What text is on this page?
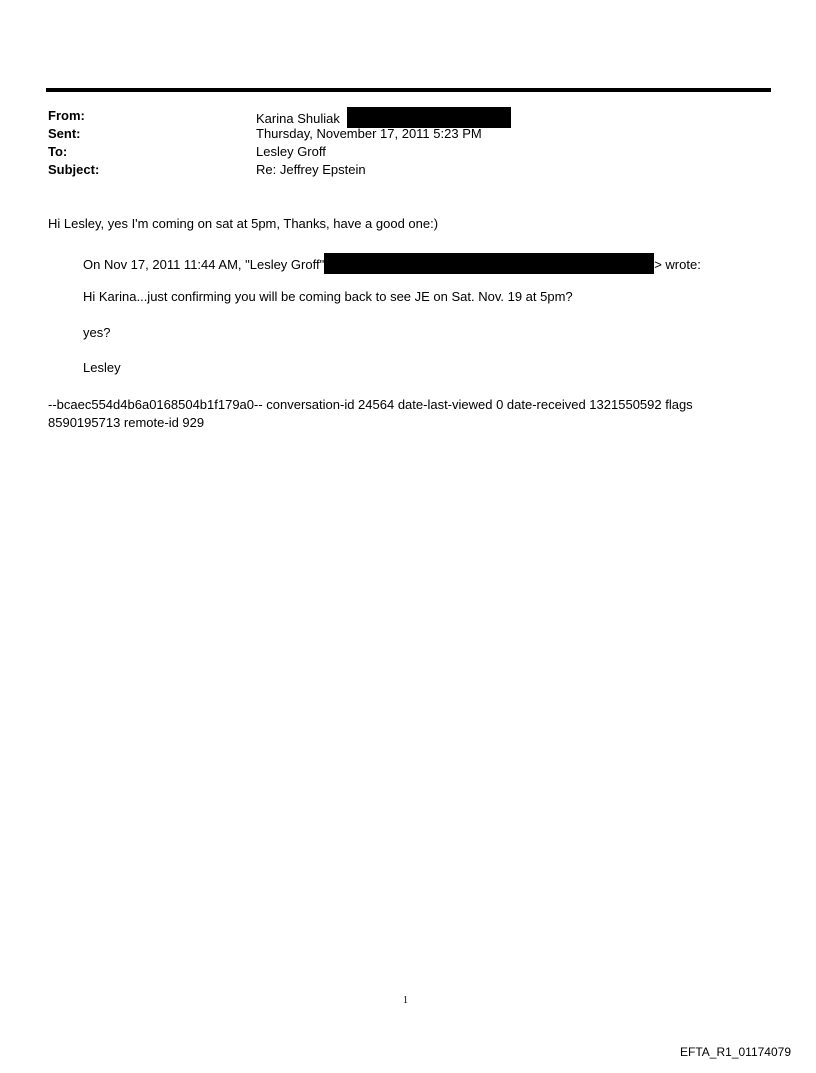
From:	Karina Shuliak
Sent:	Thursday, November 17, 2011 5:23 PM
To:	Lesley Groff
Subject:	Re: Jeffrey Epstein
Hi Lesley, yes I'm coming on sat at 5pm, Thanks, have a good one:)
On Nov 17, 2011 11:44 AM, "Lesley Groff"	> wrote:
Hi Karina...just confirming you will be coming back to see JE on Sat. Nov. 19 at 5pm?
yes?
Lesley
--bcaec554d4b6a0168504b1f179a0-- conversation-id 24564 date-last-viewed 0 date-received 1321550592 flags 8590195713 remote-id 929
1
EFTA_R1_01174079
